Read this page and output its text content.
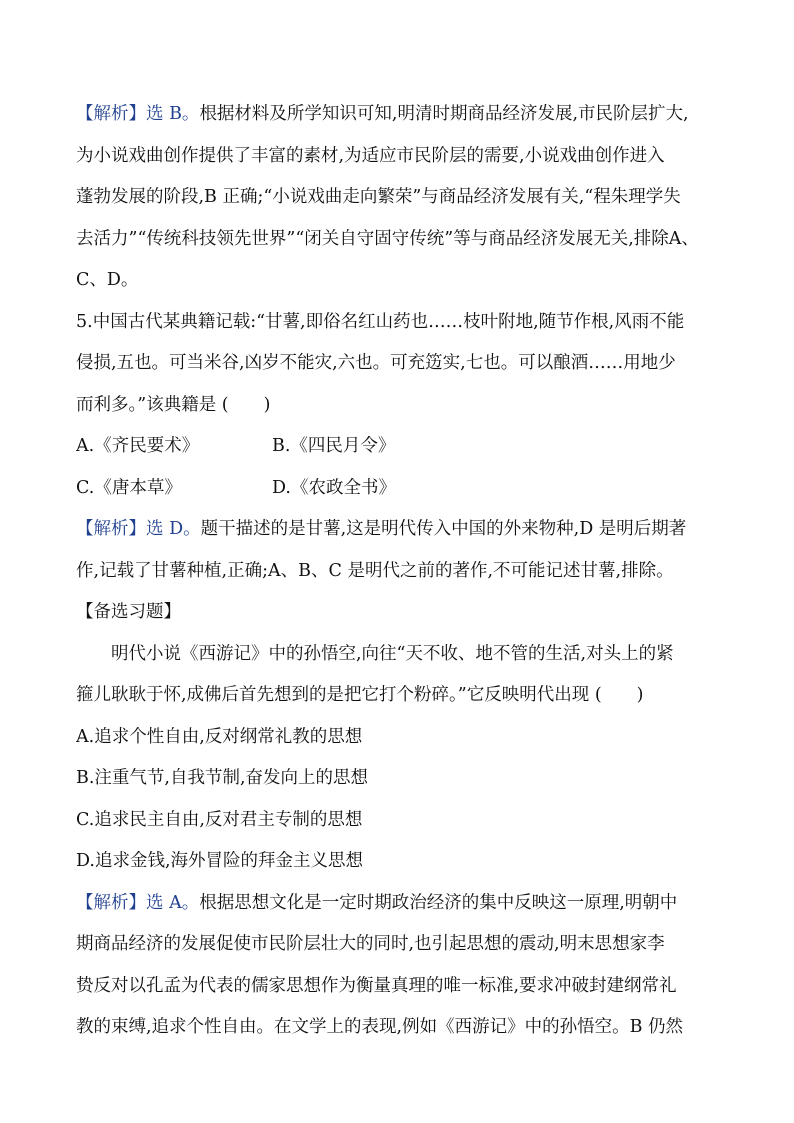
【解析】选 B。根据材料及所学知识可知,明清时期商品经济发展,市民阶层扩大,
为小说戏曲创作提供了丰富的素材,为适应市民阶层的需要,小说戏曲创作进入
蓬勃发展的阶段,B 正确;“小说戏曲走向繁荣”与商品经济发展有关,“程朱理学失
去活力”“传统科技领先世界”“闭关自守固守传统”等与商品经济发展无关,排除A、
C、D。
5.中国古代某典籍记载:“甘薯,即俗名红山药也……枝叶附地,随节作根,风雨不能
侵损,五也。可当米谷,凶岁不能灾,六也。可充笾实,七也。可以酿酒……用地少
而利多。”该典籍是 (　　)
A.《齐民要术》	B.《四民月令》
C.《唐本草》	D.《农政全书》
【解析】选 D。题干描述的是甘薯,这是明代传入中国的外来物种,D 是明后期著
作,记载了甘薯种植,正确;A、B、C 是明代之前的著作,不可能记述甘薯,排除。
【备选习题】
明代小说《西游记》中的孙悟空,向往“天不收、地不管的生活,对头上的紧
箍儿耿耿于怀,成佛后首先想到的是把它打个粉碎。”它反映明代出现 (　　)
A.追求个性自由,反对纲常礼教的思想
B.注重气节,自我节制,奋发向上的思想
C.追求民主自由,反对君主专制的思想
D.追求金钱,海外冒险的拜金主义思想
【解析】选 A。根据思想文化是一定时期政治经济的集中反映这一原理,明朝中
期商品经济的发展促使市民阶层壮大的同时,也引起思想的震动,明末思想家李
贽反对以孔孟为代表的儒家思想作为衡量真理的唯一标准,要求冲破封建纲常礼
教的束缚,追求个性自由。在文学上的表现,例如《西游记》中的孙悟空。B 仍然
